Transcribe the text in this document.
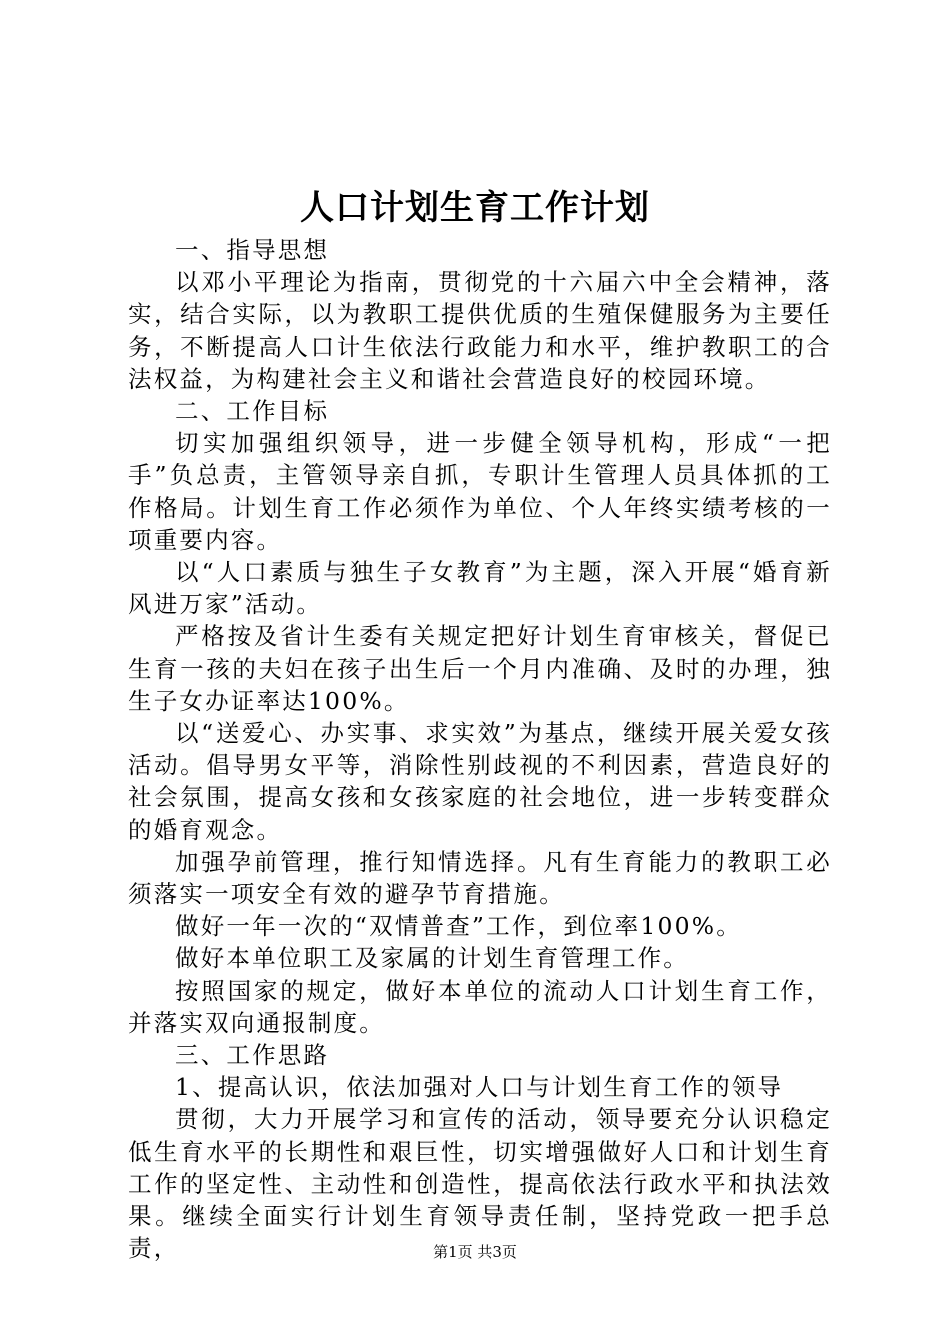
人口计划生育工作计划

一、指导思想

以邓小平理论为指南，贯彻党的十六届六中全会精神，落实，结合实际，以为教职工提供优质的生殖保健服务为主要任务，不断提高人口计生依法行政能力和水平，维护教职工的合法权益，为构建社会主义和谐社会营造良好的校园环境。

二、工作目标

切实加强组织领导，进一步健全领导机构，形成“一把手”负总责，主管领导亲自抓，专职计生管理人员具体抓的工作格局。计划生育工作必须作为单位、个人年终实绩考核的一项重要内容。

以“人口素质与独生子女教育”为主题，深入开展“婚育新风进万家”活动。

严格按及省计生委有关规定把好计划生育审核关，督促已生育一孩的夫妇在孩子出生后一个月内准确、及时的办理，独生子女办证率达100%。

以“送爱心、办实事、求实效”为基点，继续开展关爱女孩活动。倡导男女平等，消除性别歧视的不利因素，营造良好的社会氛围，提高女孩和女孩家庭的社会地位，进一步转变群众的婚育观念。

加强孕前管理，推行知情选择。凡有生育能力的教职工必须落实一项安全有效的避孕节育措施。

做好一年一次的“双情普查”工作，到位率100%。

做好本单位职工及家属的计划生育管理工作。

按照国家的规定，做好本单位的流动人口计划生育工作，并落实双向通报制度。

三、工作思路

1、提高认识，依法加强对人口与计划生育工作的领导

贯彻，大力开展学习和宣传的活动，领导要充分认识稳定低生育水平的长期性和艰巨性，切实增强做好人口和计划生育工作的坚定性、主动性和创造性，提高依法行政水平和执法效果。继续全面实行计划生育领导责任制，坚持党政一把手总责，	第1页 共3页
